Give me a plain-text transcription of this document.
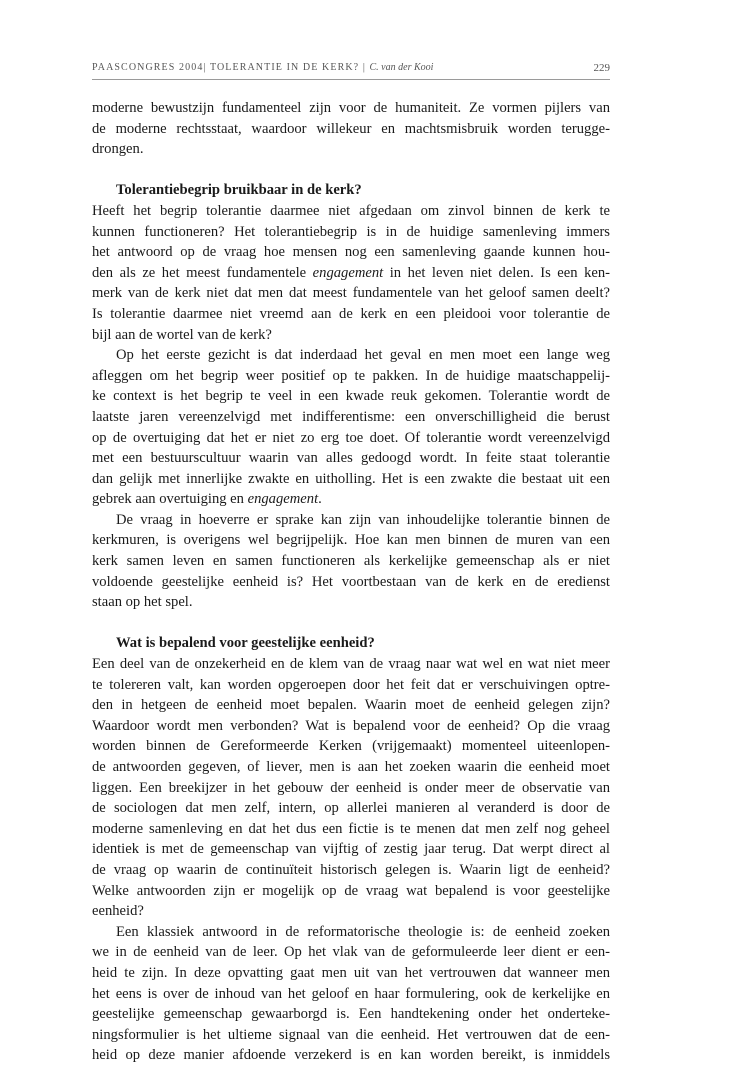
PAASCONGRES 2004| TOLERANTIE IN DE KERK? | C. van der Kooi	229
moderne bewustzijn fundamenteel zijn voor de humaniteit. Ze vormen pijlers van
de moderne rechtsstaat, waardoor willekeur en machtsmisbruik worden terugge-
drongen.
Tolerantiebegrip bruikbaar in de kerk?
Heeft het begrip tolerantie daarmee niet afgedaan om zinvol binnen de kerk te
kunnen functioneren? Het tolerantiebegrip is in de huidige samenleving immers
het antwoord op de vraag hoe mensen nog een samenleving gaande kunnen hou-
den als ze het meest fundamentele engagement in het leven niet delen. Is een ken-
merk van de kerk niet dat men dat meest fundamentele van het geloof samen deelt?
Is tolerantie daarmee niet vreemd aan de kerk en een pleidooi voor tolerantie de
bijl aan de wortel van de kerk?
Op het eerste gezicht is dat inderdaad het geval en men moet een lange weg
afleggen om het begrip weer positief op te pakken. In de huidige maatschappelij-
ke context is het begrip te veel in een kwade reuk gekomen. Tolerantie wordt de
laatste jaren vereenzelvigd met indifferentisme: een onverschilligheid die berust
op de overtuiging dat het er niet zo erg toe doet. Of tolerantie wordt vereenzelvigd
met een bestuurscultuur waarin van alles gedoogd wordt. In feite staat tolerantie
dan gelijk met innerlijke zwakte en uitholling. Het is een zwakte die bestaat uit een
gebrek aan overtuiging en engagement.
De vraag in hoeverre er sprake kan zijn van inhoudelijke tolerantie binnen de
kerkmuren, is overigens wel begrijpelijk. Hoe kan men binnen de muren van een
kerk samen leven en samen functioneren als kerkelijke gemeenschap als er niet
voldoende geestelijke eenheid is? Het voortbestaan van de kerk en de eredienst
staan op het spel.
Wat is bepalend voor geestelijke eenheid?
Een deel van de onzekerheid en de klem van de vraag naar wat wel en wat niet meer
te tolereren valt, kan worden opgeroepen door het feit dat er verschuivingen optre-
den in hetgeen de eenheid moet bepalen. Waarin moet de eenheid gelegen zijn?
Waardoor wordt men verbonden? Wat is bepalend voor de eenheid? Op die vraag
worden binnen de Gereformeerde Kerken (vrijgemaakt) momenteel uiteenlopen-
de antwoorden gegeven, of liever, men is aan het zoeken waarin die eenheid moet
liggen. Een breekijzer in het gebouw der eenheid is onder meer de observatie van
de sociologen dat men zelf, intern, op allerlei manieren al veranderd is door de
moderne samenleving en dat het dus een fictie is te menen dat men zelf nog geheel
identiek is met de gemeenschap van vijftig of zestig jaar terug. Dat werpt direct al
de vraag op waarin de continuïteit historisch gelegen is. Waarin ligt de eenheid?
Welke antwoorden zijn er mogelijk op de vraag wat bepalend is voor geestelijke
eenheid?
Een klassiek antwoord in de reformatorische theologie is: de eenheid zoeken
we in de eenheid van de leer. Op het vlak van de geformuleerde leer dient er een-
heid te zijn. In deze opvatting gaat men uit van het vertrouwen dat wanneer men
het eens is over de inhoud van het geloof en haar formulering, ook de kerkelijke en
geestelijke gemeenschap gewaarborgd is. Een handtekening onder het ondertеke-
ningsformulier is het ultieme signaal van die eenheid. Het vertrouwen dat de een-
heid op deze manier afdoende verzekerd is en kan worden bereikt, is inmiddels
